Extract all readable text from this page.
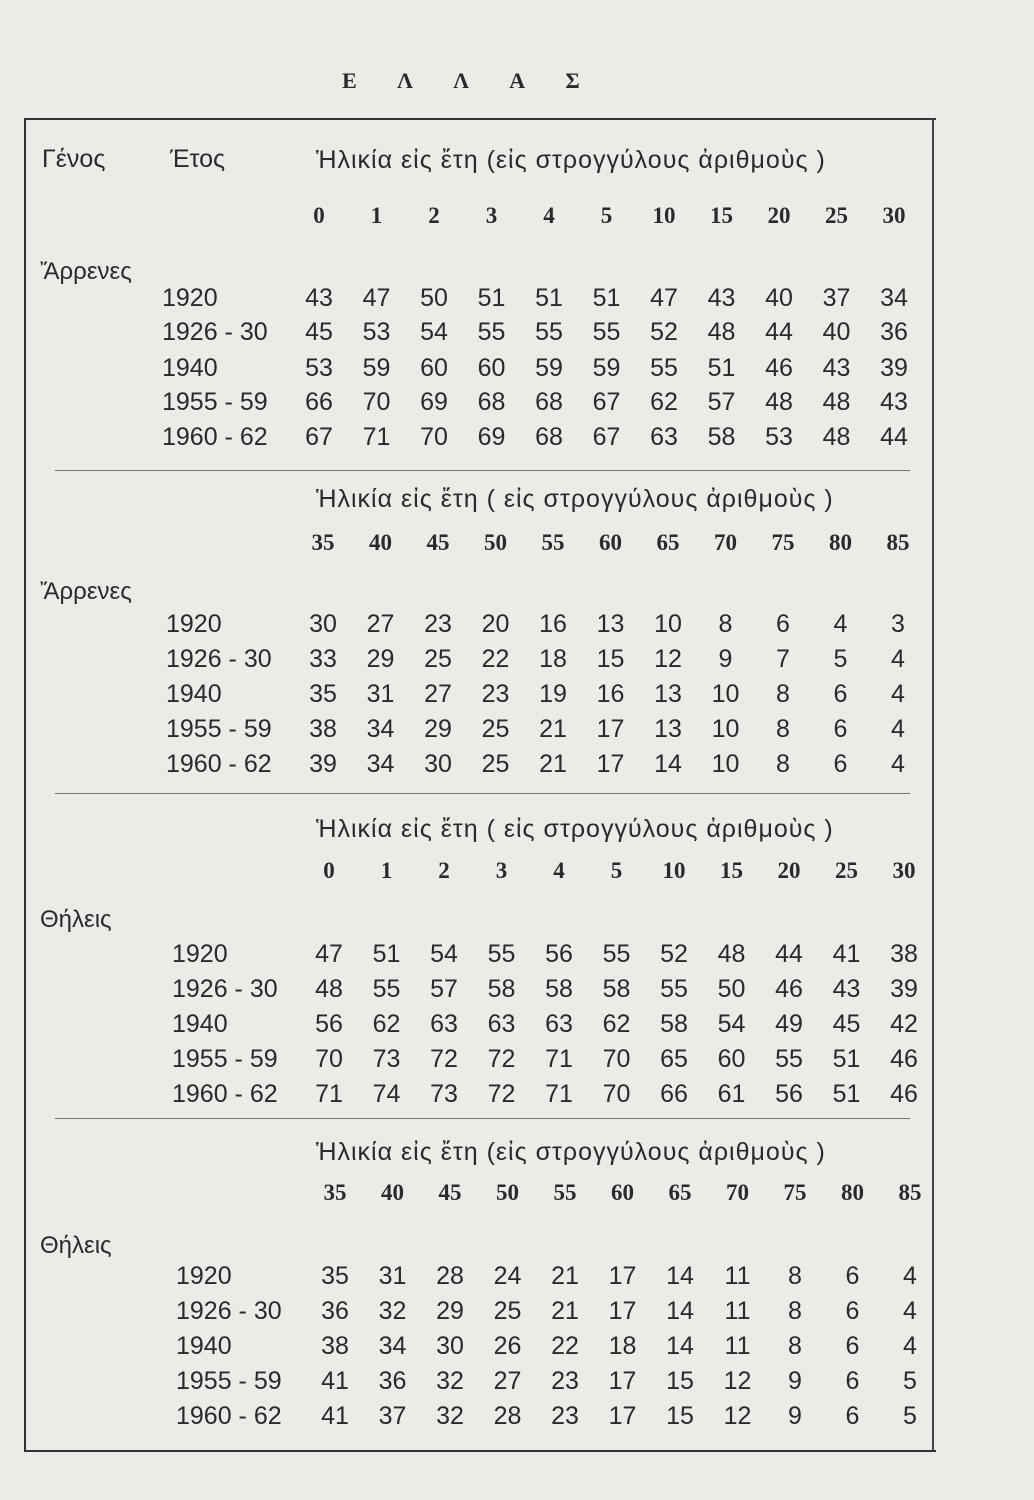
Ε Λ Λ Α Σ
Γένος	Έτος	Ἡλικία εἰς ἔτη (εἰς στρογγύλους ἀριθμοὺς )
0	1	2	3	4	5	10	15	20	25	30
Ἄρρενες
1920	43	47	50	51	51	51	47	43	40	37	34
1926 - 30	45	53	54	55	55	55	52	48	44	40	36
1940	53	59	60	60	59	59	55	51	46	43	39
1955 - 59	66	70	69	68	68	67	62	57	48	48	43
1960 - 62	67	71	70	69	68	67	63	58	53	48	44
Ἡλικία εἰς ἔτη ( εἰς στρογγύλους ἀριθμοὺς )
35	40	45	50	55	60	65	70	75	80	85
Ἄρρενες
1920	30	27	23	20	16	13	10	8	6	4	3
1926 - 30	33	29	25	22	18	15	12	9	7	5	4
1940	35	31	27	23	19	16	13	10	8	6	4
1955 - 59	38	34	29	25	21	17	13	10	8	6	4
1960 - 62	39	34	30	25	21	17	14	10	8	6	4
Ἡλικία εἰς ἔτη ( εἰς στρογγύλους ἀριθμοὺς )
0	1	2	3	4	5	10	15	20	25	30
Θήλεις
1920	47	51	54	55	56	55	52	48	44	41	38
1926 - 30	48	55	57	58	58	58	55	50	46	43	39
1940	56	62	63	63	63	62	58	54	49	45	42
1955 - 59	70	73	72	72	71	70	65	60	55	51	46
1960 - 62	71	74	73	72	71	70	66	61	56	51	46
Ἡλικία εἰς ἔτη (εἰς στρογγύλους ἀριθμοὺς )
35	40	45	50	55	60	65	70	75	80	85
Θήλεις
1920	35	31	28	24	21	17	14	11	8	6	4
1926 - 30	36	32	29	25	21	17	14	11	8	6	4
1940	38	34	30	26	22	18	14	11	8	6	4
1955 - 59	41	36	32	27	23	17	15	12	9	6	5
1960 - 62	41	37	32	28	23	17	15	12	9	6	5
